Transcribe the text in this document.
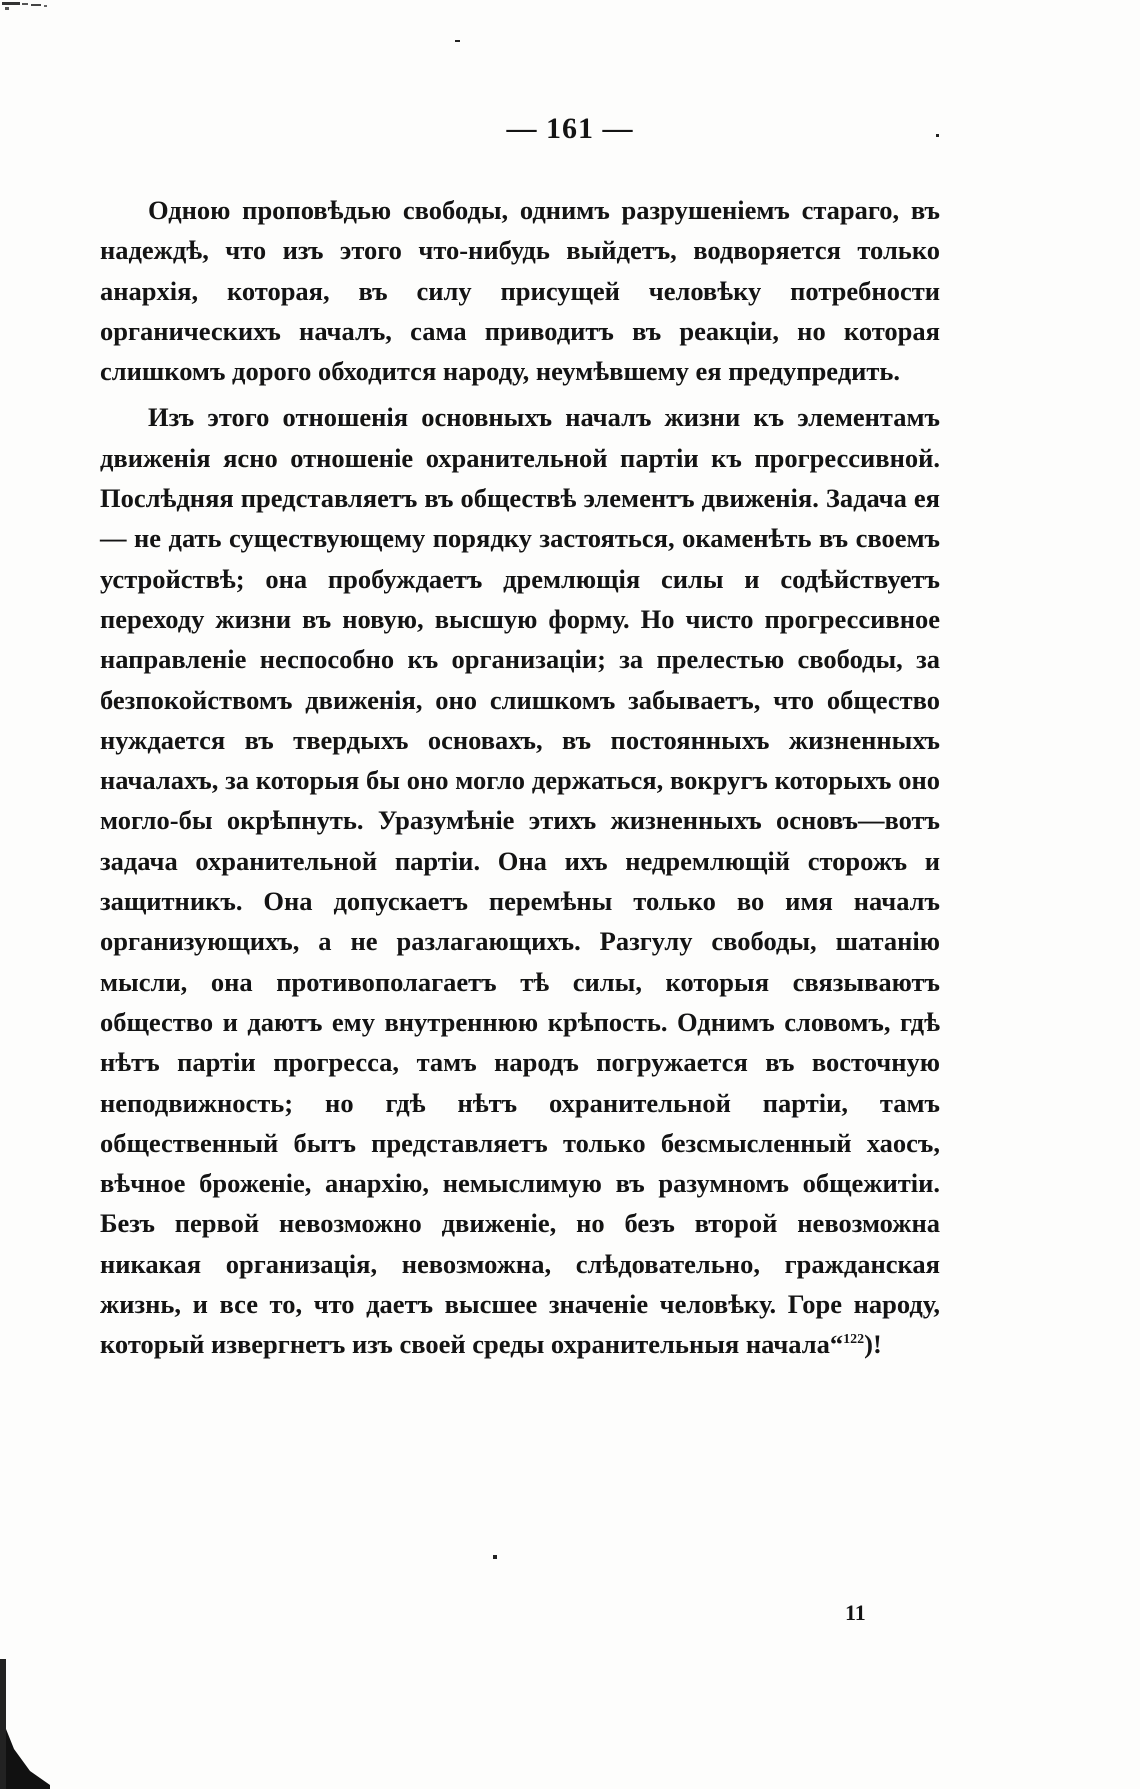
— 161 —

Одною проповѣдью свободы, однимъ разрушеніемъ стараго, въ надеждѣ, что изъ этого что-нибудь выйдетъ, водворяется только анархія, которая, въ силу присущей человѣку потребности органическихъ началъ, сама приводитъ въ реакціи, но которая слишкомъ дорого обходится народу, неумѣвшему ея предупредить.

Изъ этого отношенія основныхъ началъ жизни къ элементамъ движенія ясно отношеніе охранительной партіи къ прогрессивной. Послѣдняя представляетъ въ обществѣ элементъ движенія. Задача ея — не дать существующему порядку застояться, окаменѣть въ своемъ устройствѣ; она пробуждаетъ дремлющія силы и содѣйствуетъ переходу жизни въ новую, высшую форму. Но чисто прогрессивное направленіе неспособно къ организаціи; за прелестью свободы, за безпокойствомъ движенія, оно слишкомъ забываетъ, что общество нуждается въ твердыхъ основахъ, въ постоянныхъ жизненныхъ началахъ, за которыя бы оно могло держаться, вокругъ которыхъ оно могло-бы окрѣпнуть. Уразумѣніе этихъ жизненныхъ основъ—вотъ задача охранительной партіи. Она ихъ недремлющій сторожъ и защитникъ. Она допускаетъ перемѣны только во имя началъ организующихъ, а не разлагающихъ. Разгулу свободы, шатанію мысли, она противополагаетъ тѣ силы, которыя связываютъ общество и даютъ ему внутреннюю крѣпость. Однимъ словомъ, гдѣ нѣтъ партіи прогресса, тамъ народъ погружается въ восточную неподвижность; но гдѣ нѣтъ охранительной партіи, тамъ общественный бытъ представляетъ только безсмысленный хаосъ, вѣчное броженіе, анархію, немыслимую въ разумномъ общежитіи. Безъ первой невозможно движеніе, но безъ второй невозможна никакая организація, невозможна, слѣдовательно, гражданская жизнь, и все то, что даетъ высшее значеніе человѣку. Горе народу, который извергнетъ изъ своей среды охранительныя начала“$^{122}$)!

11
